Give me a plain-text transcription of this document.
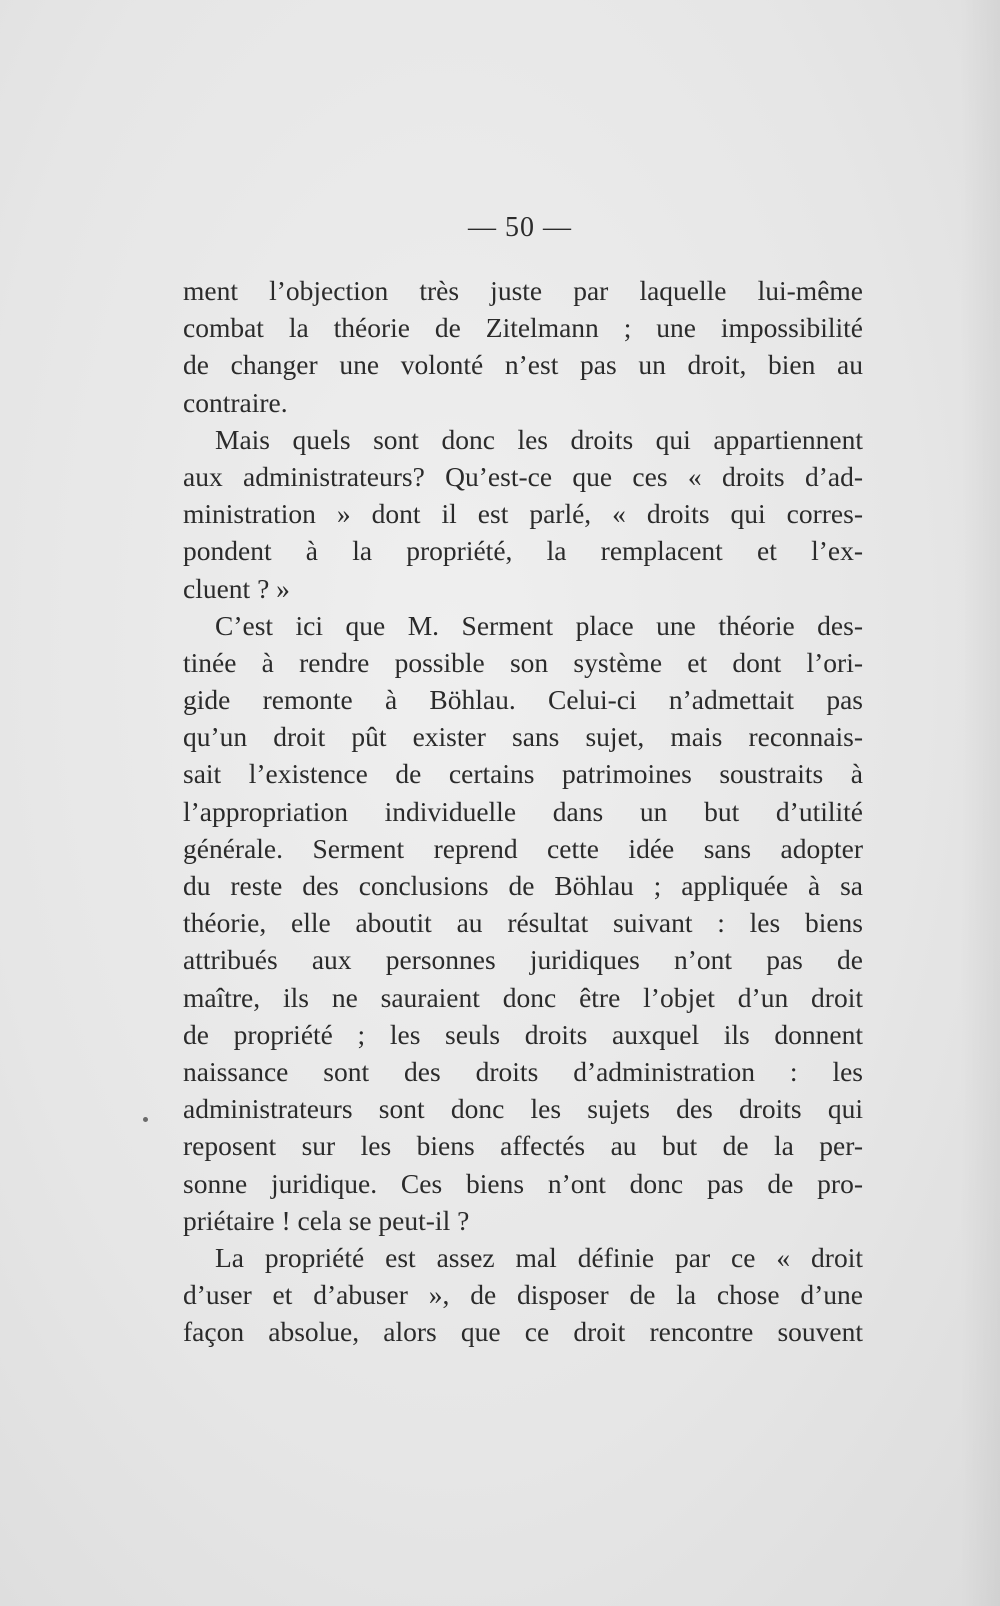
— 50 —
ment l’objection très juste par laquelle lui-même
combat la théorie de Zitelmann ; une impossibilité
de changer une volonté n’est pas un droit, bien au
contraire.
Mais quels sont donc les droits qui appartiennent
aux administrateurs? Qu’est-ce que ces « droits d’ad-
ministration » dont il est parlé, « droits qui corres-
pondent à la propriété, la remplacent et l’ex-
cluent ? »
C’est ici que M. Serment place une théorie des-
tinée à rendre possible son système et dont l’ori-
gide remonte à Böhlau. Celui-ci n’admettait pas
qu’un droit pût exister sans sujet, mais reconnais-
sait l’existence de certains patrimoines soustraits à
l’appropriation individuelle dans un but d’utilité
générale. Serment reprend cette idée sans adopter
du reste des conclusions de Böhlau ; appliquée à sa
théorie, elle aboutit au résultat suivant : les biens
attribués aux personnes juridiques n’ont pas de
maître, ils ne sauraient donc être l’objet d’un droit
de propriété ; les seuls droits auxquel ils donnent
naissance sont des droits d’administration : les
administrateurs sont donc les sujets des droits qui
reposent sur les biens affectés au but de la per-
sonne juridique. Ces biens n’ont donc pas de pro-
priétaire ! cela se peut-il ?
La propriété est assez mal définie par ce « droit
d’user et d’abuser », de disposer de la chose d’une
façon absolue, alors que ce droit rencontre souvent
